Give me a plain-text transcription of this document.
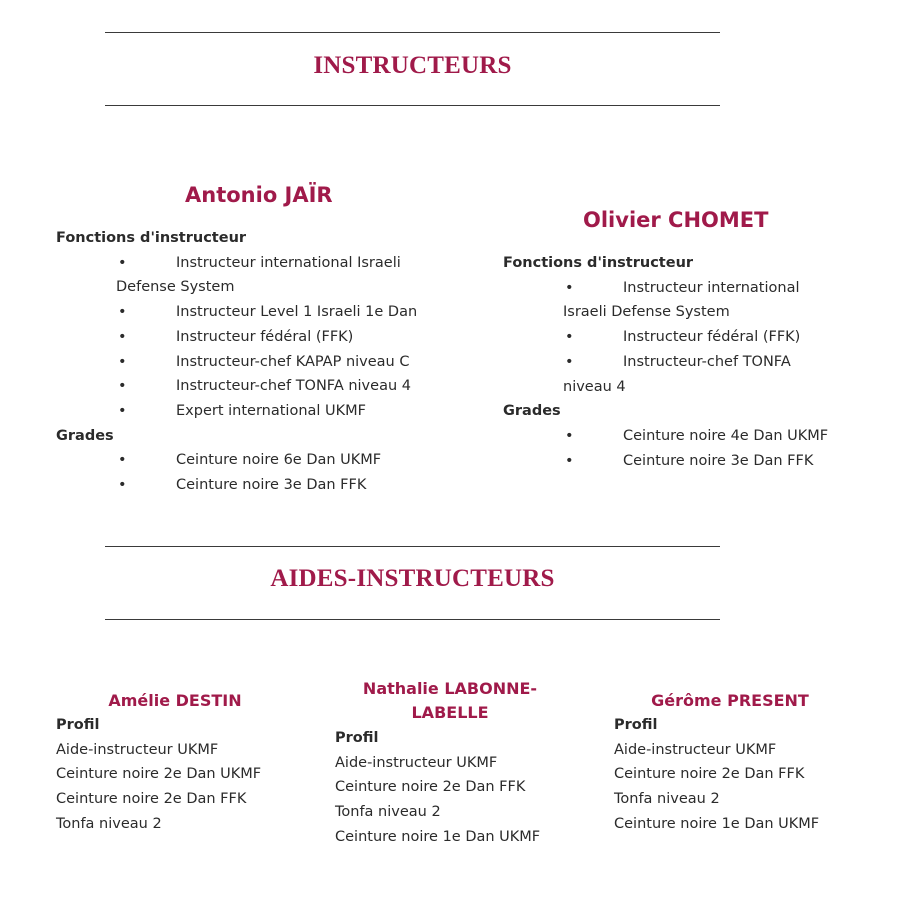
INSTRUCTEURS
Antonio JAÏR
Fonctions d'instructeur
•	Instructeur international Israeli
Defense System
•	Instructeur Level 1 Israeli 1e Dan
•	Instructeur fédéral (FFK)
•	Instructeur-chef KAPAP niveau C
•	Instructeur-chef TONFA niveau 4
•	Expert international UKMF
Grades
•	Ceinture noire 6e Dan UKMF
•	Ceinture noire 3e Dan FFK
Olivier CHOMET
Fonctions d'instructeur
•	Instructeur international
Israeli Defense System
•	Instructeur fédéral (FFK)
•	Instructeur-chef TONFA
niveau 4
Grades
•	Ceinture noire 4e Dan UKMF
•	Ceinture noire 3e Dan FFK
AIDES-INSTRUCTEURS
Amélie DESTIN
Profil
Aide-instructeur UKMF
Ceinture noire 2e Dan UKMF
Ceinture noire 2e Dan FFK
Tonfa niveau 2
Nathalie LABONNE-
LABELLE
Profil
Aide-instructeur UKMF
Ceinture noire 2e Dan FFK
Tonfa niveau 2
Ceinture noire 1e Dan UKMF
Gérôme PRESENT
Profil
Aide-instructeur UKMF
Ceinture noire 2e Dan FFK
Tonfa niveau 2
Ceinture noire 1e Dan UKMF
